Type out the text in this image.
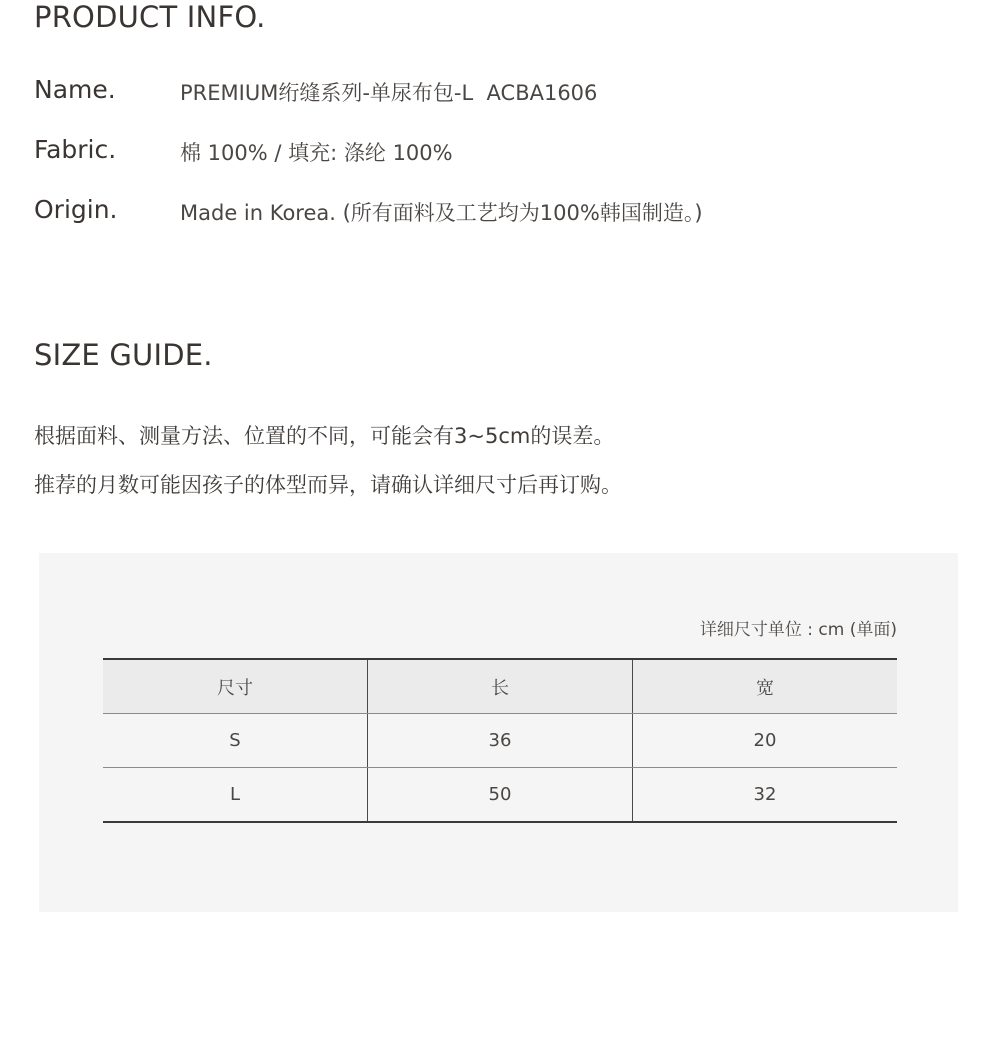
PRODUCT INFO.
Name.	PREMIUM绗缝系列-单尿布包-L  ACBA1606
Fabric.	棉 100% / 填充: 涤纶 100%
Origin.	Made in Korea. (所有面料及工艺均为100%韩国制造。)
SIZE GUIDE.
根据面料、测量方法、位置的不同，可能会有3~5cm的误差。
推荐的月数可能因孩子的体型而异，请确认详细尺寸后再订购。
详细尺寸单位 : cm (单面)
尺寸	长	宽
S	36	20
L	50	32
